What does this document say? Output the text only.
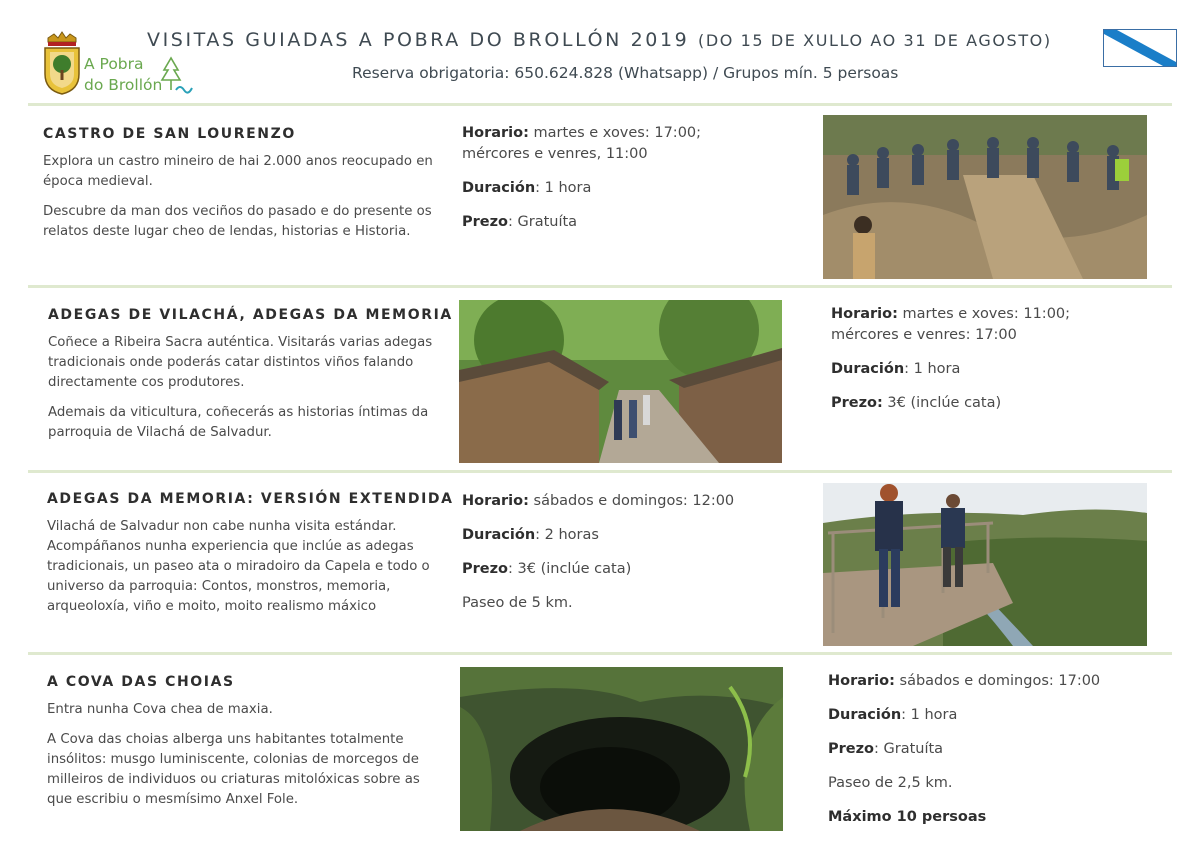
A Pobra
do Brollón
VISITAS GUIADAS A POBRA DO BROLLÓN 2019 (DO 15 DE XULLO AO 31 DE AGOSTO)
Reserva obrigatoria: 650.624.828 (Whatsapp) / Grupos mín. 5 persoas
CASTRO DE SAN LOURENZO

Explora un castro mineiro de hai 2.000 anos reocupado en época medieval.

Descubre da man dos veciños do pasado e do presente os relatos deste lugar cheo de lendas, historias e Historia.

Horario: martes e xoves: 17:00; mércores e venres, 11:00

Duración: 1 hora

Prezo: Gratuíta

ADEGAS DE VILACHÁ, ADEGAS DA MEMORIA

Coñece a Ribeira Sacra auténtica. Visitarás varias adegas tradicionais onde poderás catar distintos viños falando directamente cos produtores.

Ademais da viticultura, coñecerás as historias íntimas da parroquia de Vilachá de Salvadur.

Horario: martes e xoves: 11:00; mércores e venres: 17:00

Duración: 1 hora

Prezo: 3€ (inclúe cata)

ADEGAS DA MEMORIA: VERSIÓN EXTENDIDA

Vilachá de Salvadur non cabe nunha visita estándar. Acompáñanos nunha experiencia que inclúe as adegas tradicionais, un paseo ata o miradoiro da Capela e todo o universo da parroquia: Contos, monstros, memoria, arqueoloxía, viño e moito, moito realismo máxico

Horario: sábados e domingos: 12:00

Duración: 2 horas

Prezo: 3€ (inclúe cata)

Paseo de 5 km.

A COVA DAS CHOIAS

Entra nunha Cova chea de maxia.

A Cova das choias alberga uns habitantes totalmente insólitos: musgo luminiscente, colonias de morcegos de milleiros de individuos ou criaturas mitolóxicas sobre as que escribiu o mesmísimo Anxel Fole.

Horario: sábados e domingos: 17:00

Duración: 1 hora

Prezo: Gratuíta

Paseo de 2,5 km.

Máximo 10 persoas
